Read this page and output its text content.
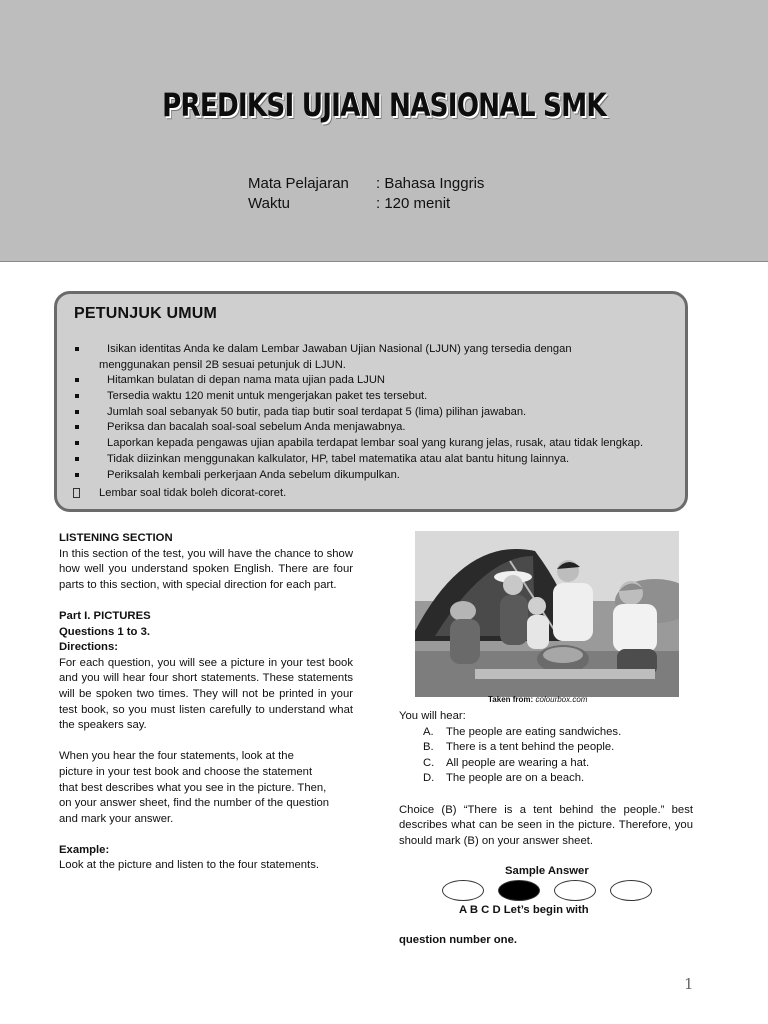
PREDIKSI UJIAN NASIONAL SMK
Mata Pelajaran	: Bahasa Inggris
Waktu	: 120 menit
PETUNJUK UMUM
Isikan identitas Anda ke dalam Lembar Jawaban Ujian Nasional (LJUN) yang tersedia dengan
menggunakan pensil 2B sesuai petunjuk di LJUN.
Hitamkan bulatan di depan nama mata ujian pada LJUN
Tersedia waktu 120 menit untuk mengerjakan paket tes tersebut.
Jumlah soal sebanyak 50 butir, pada tiap butir soal terdapat 5 (lima) pilihan jawaban.
Periksa dan bacalah soal-soal sebelum Anda menjawabnya.
Laporkan kepada pengawas ujian apabila terdapat lembar soal yang kurang jelas, rusak, atau tidak lengkap.
Tidak diizinkan menggunakan kalkulator, HP, tabel matematika atau alat bantu hitung lainnya.
Periksalah kembali perkerjaan Anda sebelum dikumpulkan.
Lembar soal tidak boleh dicorat-coret.
LISTENING SECTION

In this section of the test, you will have the chance to show how well you understand spoken English. There are four parts to this section, with special direction for each part.

Part I. PICTURES
Questions 1 to 3.
Directions:

For each question, you will see a picture in your test book and you will hear four short statements. These statements will be spoken two times. They will not be printed in your test book, so you must listen carefully to understand what the speakers say.

When you hear the four statements, look at the
picture in your test book and choose the statement
that best describes what you see in the picture. Then,
on your answer sheet, find the number of the question
and mark your answer.
Example:
Look at the picture and listen to the four statements.
Taken from: colourbox.com
You will hear:
A.	The people are eating sandwiches.
B.	There is a tent behind the people.
C.	All people are wearing a hat.
D.	The people are on a beach.

Choice (B) “There is a tent behind the people.” best describes what can be seen in the picture. Therefore, you should mark (B) on your answer sheet.

Sample Answer
A B C D Let’s begin with
question number one.
1
